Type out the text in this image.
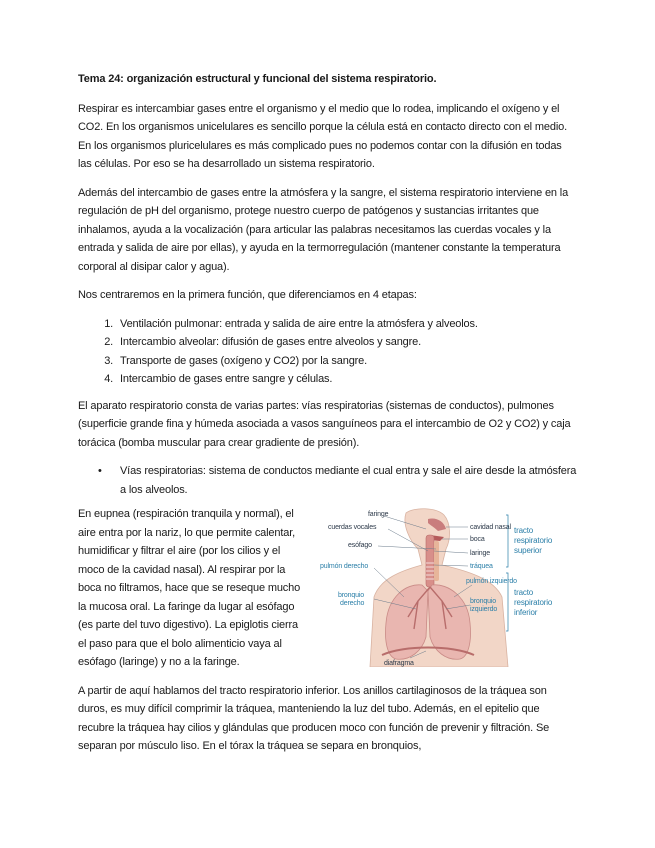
Tema 24: organización estructural y funcional del sistema respiratorio.

Respirar es intercambiar gases entre el organismo y el medio que lo rodea, implicando el oxígeno y el CO2. En los organismos unicelulares es sencillo porque la célula está en contacto directo con el medio. En los organismos pluricelulares es más complicado pues no podemos contar con la difusión en todas las células. Por eso se ha desarrollado un sistema respiratorio.

Además del intercambio de gases entre la atmósfera y la sangre, el sistema respiratorio interviene en la regulación de pH del organismo, protege nuestro cuerpo de patógenos y sustancias irritantes que inhalamos, ayuda a la vocalización (para articular las palabras necesitamos las cuerdas vocales y la entrada y salida de aire por ellas), y ayuda en la termorregulación (mantener constante la temperatura corporal al disipar calor y agua).

Nos centraremos en la primera función, que diferenciamos en 4 etapas:

1. Ventilación pulmonar: entrada y salida de aire entre la atmósfera y alveolos.
2. Intercambio alveolar: difusión de gases entre alveolos y sangre.
3. Transporte de gases (oxígeno y CO2) por la sangre.
4. Intercambio de gases entre sangre y células.

El aparato respiratorio consta de varias partes: vías respiratorias (sistemas de conductos), pulmones (superficie grande fina y húmeda asociada a vasos sanguíneos para el intercambio de O2 y CO2) y caja torácica (bomba muscular para crear gradiente de presión).

• Vías respiratorias: sistema de conductos mediante el cual entra y sale el aire desde la atmósfera a los alveolos.
En eupnea (respiración tranquila y normal), el aire entra por la nariz, lo que permite calentar, humidificar y filtrar el aire (por los cilios y el moco de la cavidad nasal). Al respirar por la boca no filtramos, hace que se reseque mucho la mucosa oral. La faringe da lugar al esófago (es parte del tuvo digestivo). La epiglotis cierra el paso para que el bolo alimenticio vaya al esófago (laringe) y no a la faringe.
faringe
cuerdas vocales
esófago
pulmón derecho
bronquio
derecho
diafragma
cavidad nasal
boca
laringe
tráquea
pulmón izquierdo
bronquio
izquierdo
tracto
respiratorio
superior
tracto
respiratorio
inferior

A partir de aquí hablamos del tracto respiratorio inferior. Los anillos cartilaginosos de la tráquea son duros, es muy difícil comprimir la tráquea, manteniendo la luz del tubo. Además, en el epitelio que recubre la tráquea hay cilios y glándulas que producen moco con función de prevenir y filtración. Se separan por músculo liso. En el tórax la tráquea se separa en bronquios,
